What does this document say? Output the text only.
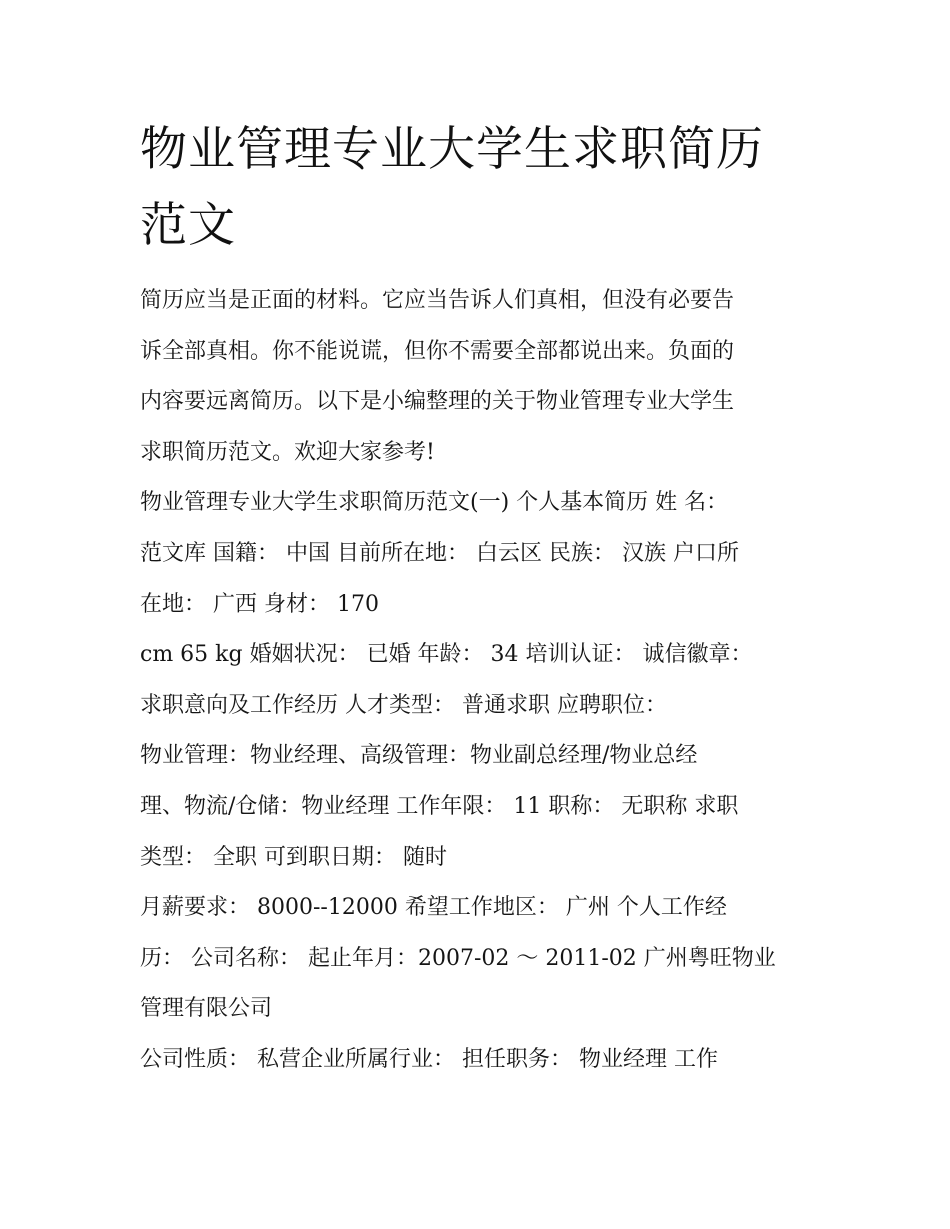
物业管理专业大学生求职简历
范文
简历应当是正面的材料。它应当告诉人们真相，但没有必要告
诉全部真相。你不能说谎，但你不需要全部都说出来。负面的
内容要远离简历。以下是小编整理的关于物业管理专业大学生
求职简历范文。欢迎大家参考!
物业管理专业大学生求职简历范文(一) 个人基本简历 姓 名：
范文库 国籍： 中国 目前所在地： 白云区 民族： 汉族 户口所
在地： 广西 身材： 170
cm 65 kg 婚姻状况： 已婚 年龄： 34 培训认证： 诚信徽章：
求职意向及工作经历 人才类型： 普通求职 应聘职位：
物业管理：物业经理、高级管理：物业副总经理/物业总经
理、物流/仓储：物业经理 工作年限： 11 职称： 无职称 求职
类型： 全职 可到职日期： 随时
月薪要求： 8000--12000 希望工作地区： 广州 个人工作经
历： 公司名称： 起止年月：2007-02 ～ 2011-02 广州粤旺物业
管理有限公司
公司性质： 私营企业所属行业： 担任职务： 物业经理 工作
